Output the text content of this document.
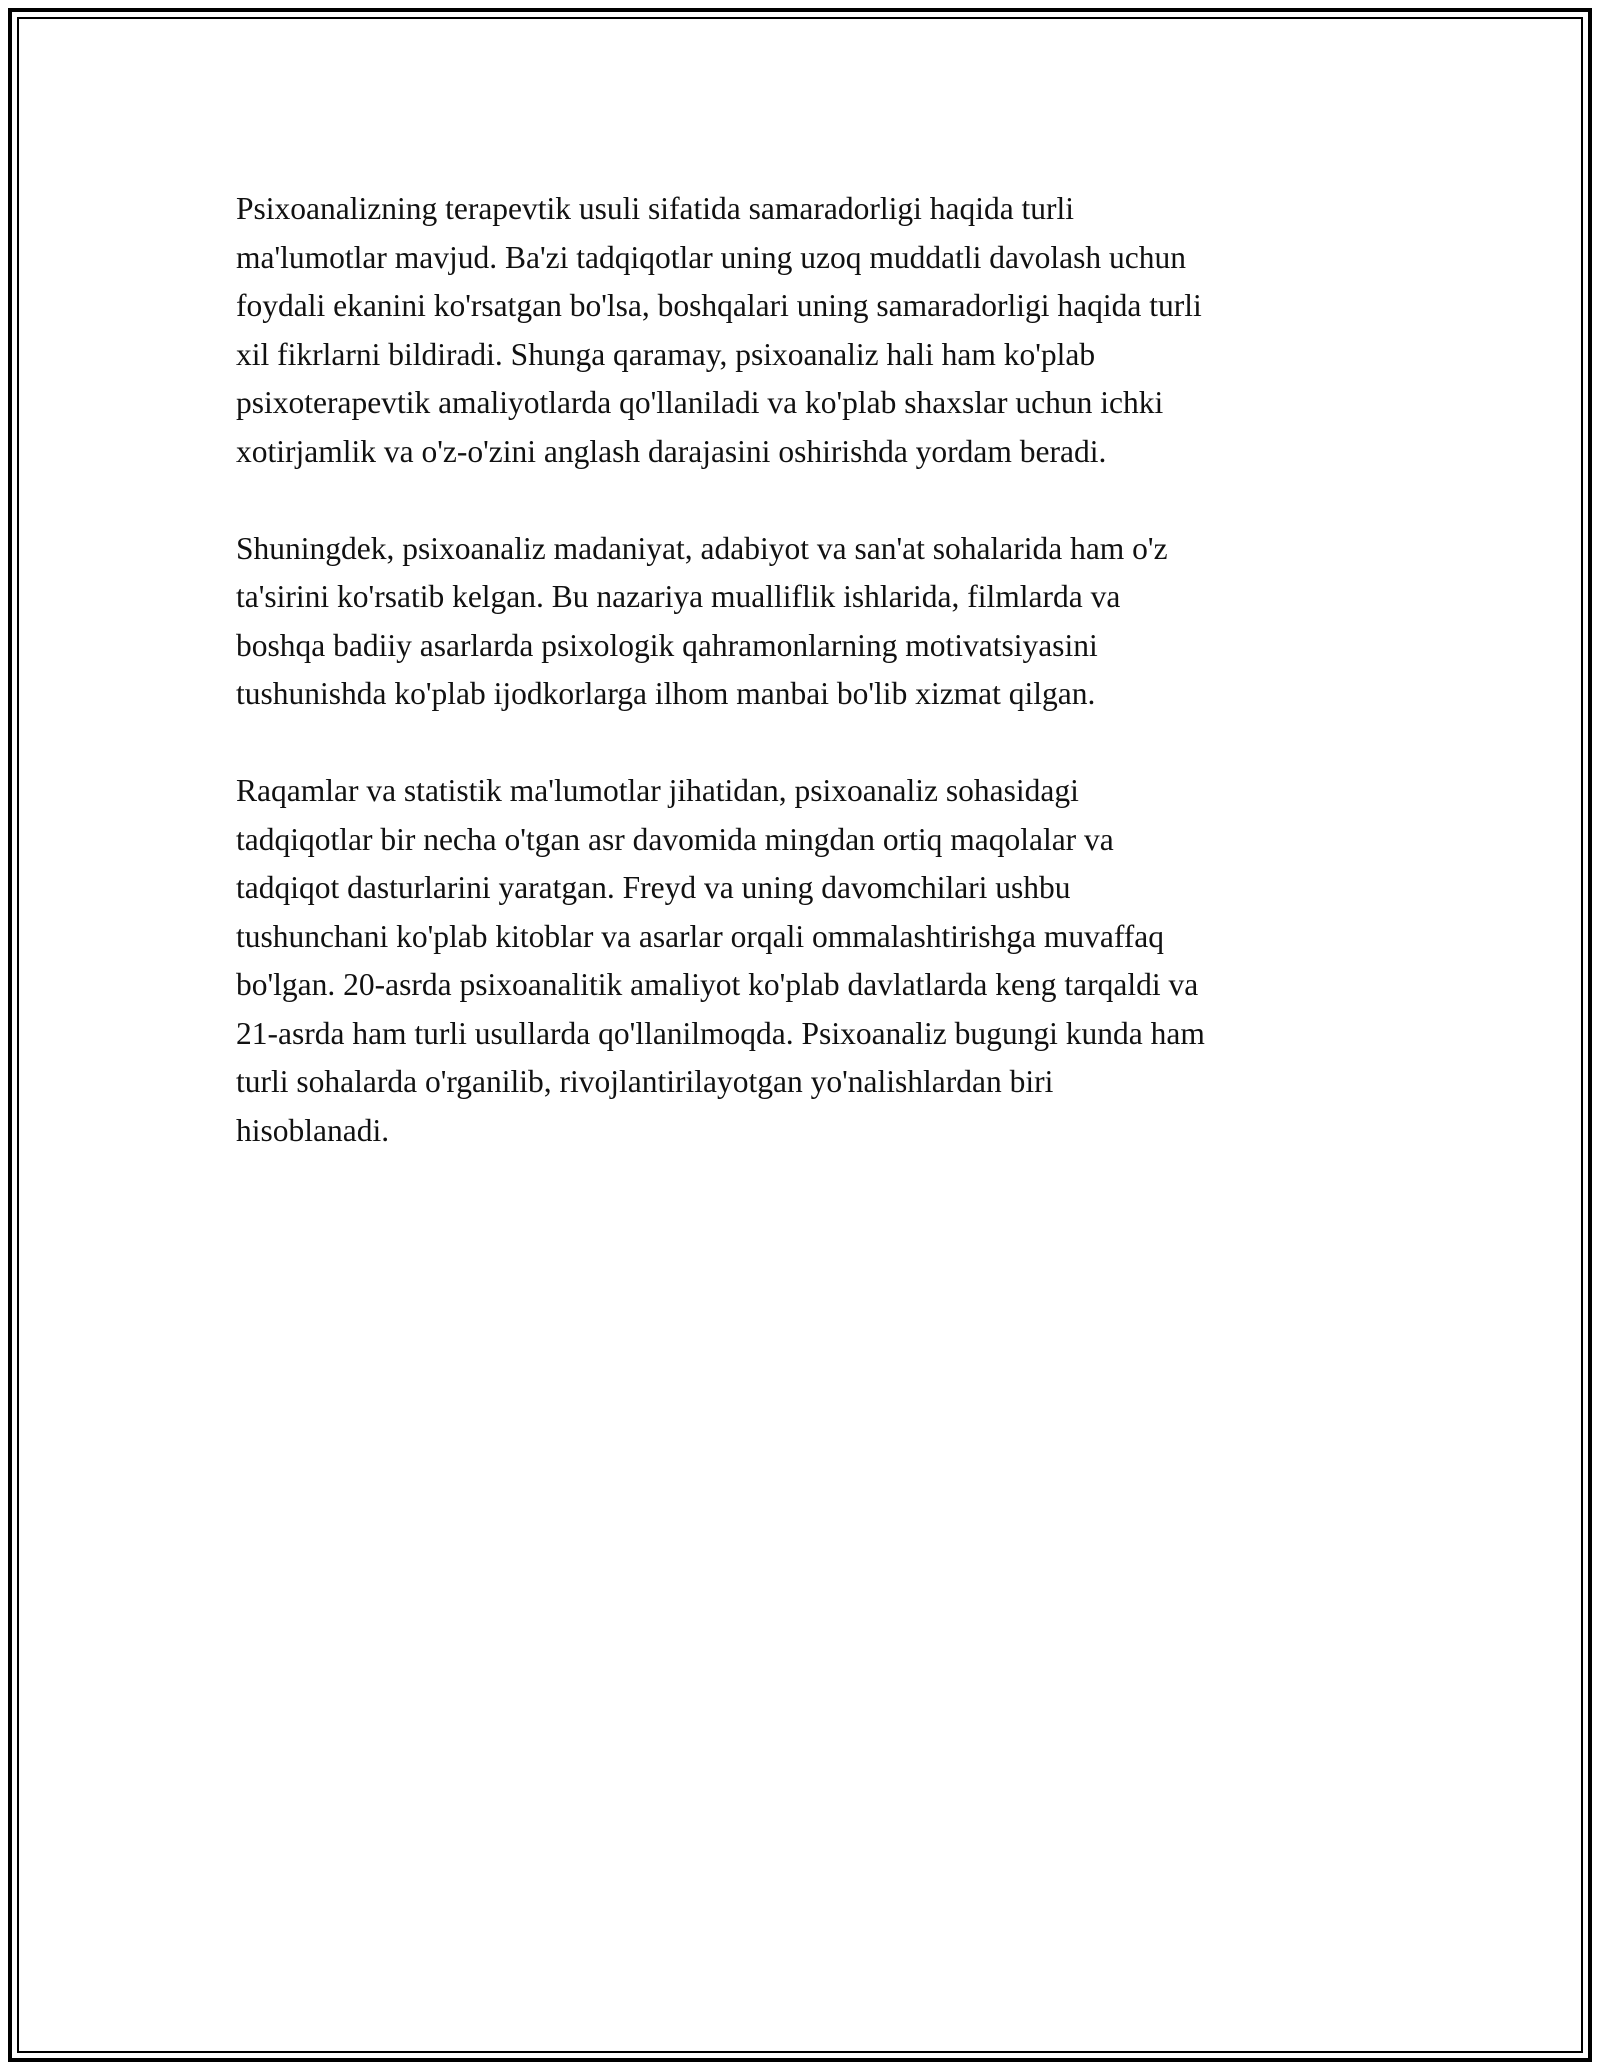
Psixoanalizning terapevtik usuli sifatida samaradorligi haqida turli
ma'lumotlar mavjud. Ba'zi tadqiqotlar uning uzoq muddatli davolash uchun
foydali ekanini ko'rsatgan bo'lsa, boshqalari uning samaradorligi haqida turli
xil fikrlarni bildiradi. Shunga qaramay, psixoanaliz hali ham ko'plab
psixoterapevtik amaliyotlarda qo'llaniladi va ko'plab shaxslar uchun ichki
xotirjamlik va o'z-o'zini anglash darajasini oshirishda yordam beradi.
Shuningdek, psixoanaliz madaniyat, adabiyot va san'at sohalarida ham o'z
ta'sirini ko'rsatib kelgan. Bu nazariya mualliflik ishlarida, filmlarda va
boshqa badiiy asarlarda psixologik qahramonlarning motivatsiyasini
tushunishda ko'plab ijodkorlarga ilhom manbai bo'lib xizmat qilgan.
Raqamlar va statistik ma'lumotlar jihatidan, psixoanaliz sohasidagi
tadqiqotlar bir necha o'tgan asr davomida mingdan ortiq maqolalar va
tadqiqot dasturlarini yaratgan. Freyd va uning davomchilari ushbu
tushunchani ko'plab kitoblar va asarlar orqali ommalashtirishga muvaffaq
bo'lgan. 20-asrda psixoanalitik amaliyot ko'plab davlatlarda keng tarqaldi va
21-asrda ham turli usullarda qo'llanilmoqda. Psixoanaliz bugungi kunda ham
turli sohalarda o'rganilib, rivojlantirilayotgan yo'nalishlardan biri
hisoblanadi.
